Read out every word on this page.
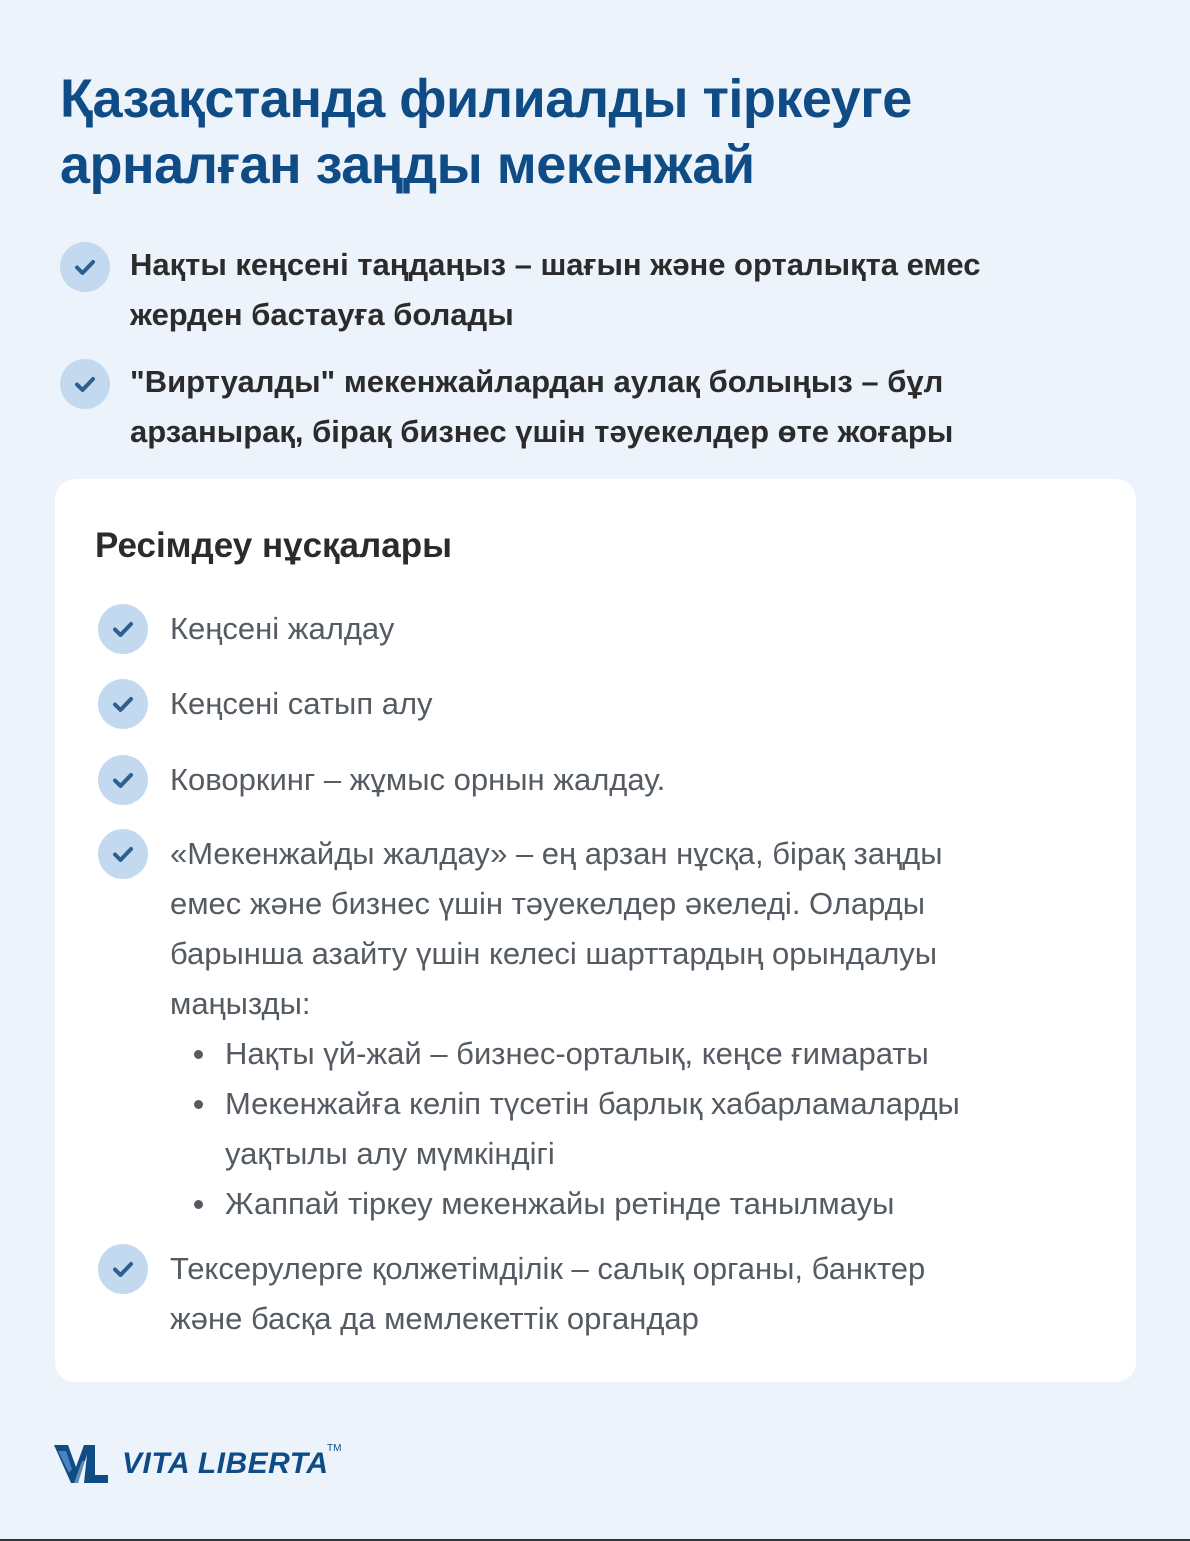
Қазақстанда филиалды тіркеуге
арналған заңды мекенжай
Нақты кеңсені таңдаңыз – шағын және орталықта емес
жерден бастауға болады
"Виртуалды" мекенжайлардан аулақ болыңыз – бұл
арзанырақ, бірақ бизнес үшін тәуекелдер өте жоғары
Ресімдеу нұсқалары
Кеңсені жалдау
Кеңсені сатып алу
Коворкинг – жұмыс орнын жалдау.
«Мекенжайды жалдау» – ең арзан нұсқа, бірақ заңды
емес және бизнес үшін тәуекелдер әкеледі. Оларды
барынша азайту үшін келесі шарттардың орындалуы
маңызды:
Нақты үй-жай – бизнес-орталық, кеңсе ғимараты
Мекенжайға келіп түсетін барлық хабарламаларды
уақтылы алу мүмкіндігі
Жаппай тіркеу мекенжайы ретінде танылмауы
Тексерулерге қолжетімділік – салық органы, банктер
және басқа да мемлекеттік органдар
VITA LIBERTA
TM
